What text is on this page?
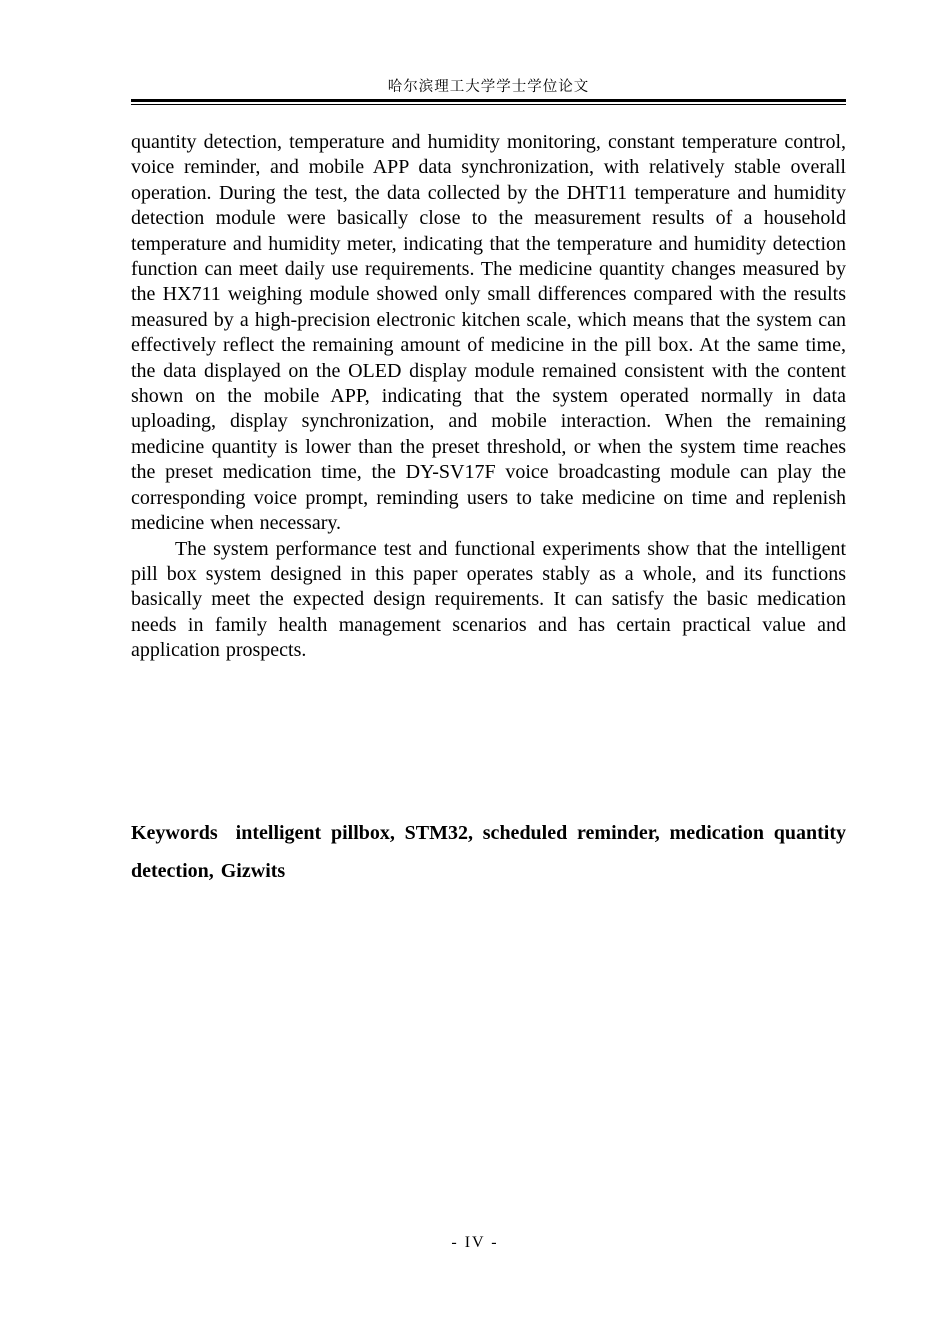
哈尔滨理工大学学士学位论文

quantity detection, temperature and humidity monitoring, constant temperature control, voice reminder, and mobile APP data synchronization, with relatively stable overall operation. During the test, the data collected by the DHT11 temperature and humidity detection module were basically close to the measurement results of a household temperature and humidity meter, indicating that the temperature and humidity detection function can meet daily use requirements. The medicine quantity changes measured by the HX711 weighing module showed only small differences compared with the results measured by a high-precision electronic kitchen scale, which means that the system can effectively reflect the remaining amount of medicine in the pill box. At the same time, the data displayed on the OLED display module remained consistent with the content shown on the mobile APP, indicating that the system operated normally in data uploading, display synchronization, and mobile interaction. When the remaining medicine quantity is lower than the preset threshold, or when the system time reaches the preset medication time, the DY-SV17F voice broadcasting module can play the corresponding voice prompt, reminding users to take medicine on time and replenish medicine when necessary.

The system performance test and functional experiments show that the intelligent pill box system designed in this paper operates stably as a whole, and its functions basically meet the expected design requirements. It can satisfy the basic medication needs in family health management scenarios and has certain practical value and application prospects.

Keywords intelligent pillbox, STM32, scheduled reminder, medication quantity detection, Gizwits

- IV -
